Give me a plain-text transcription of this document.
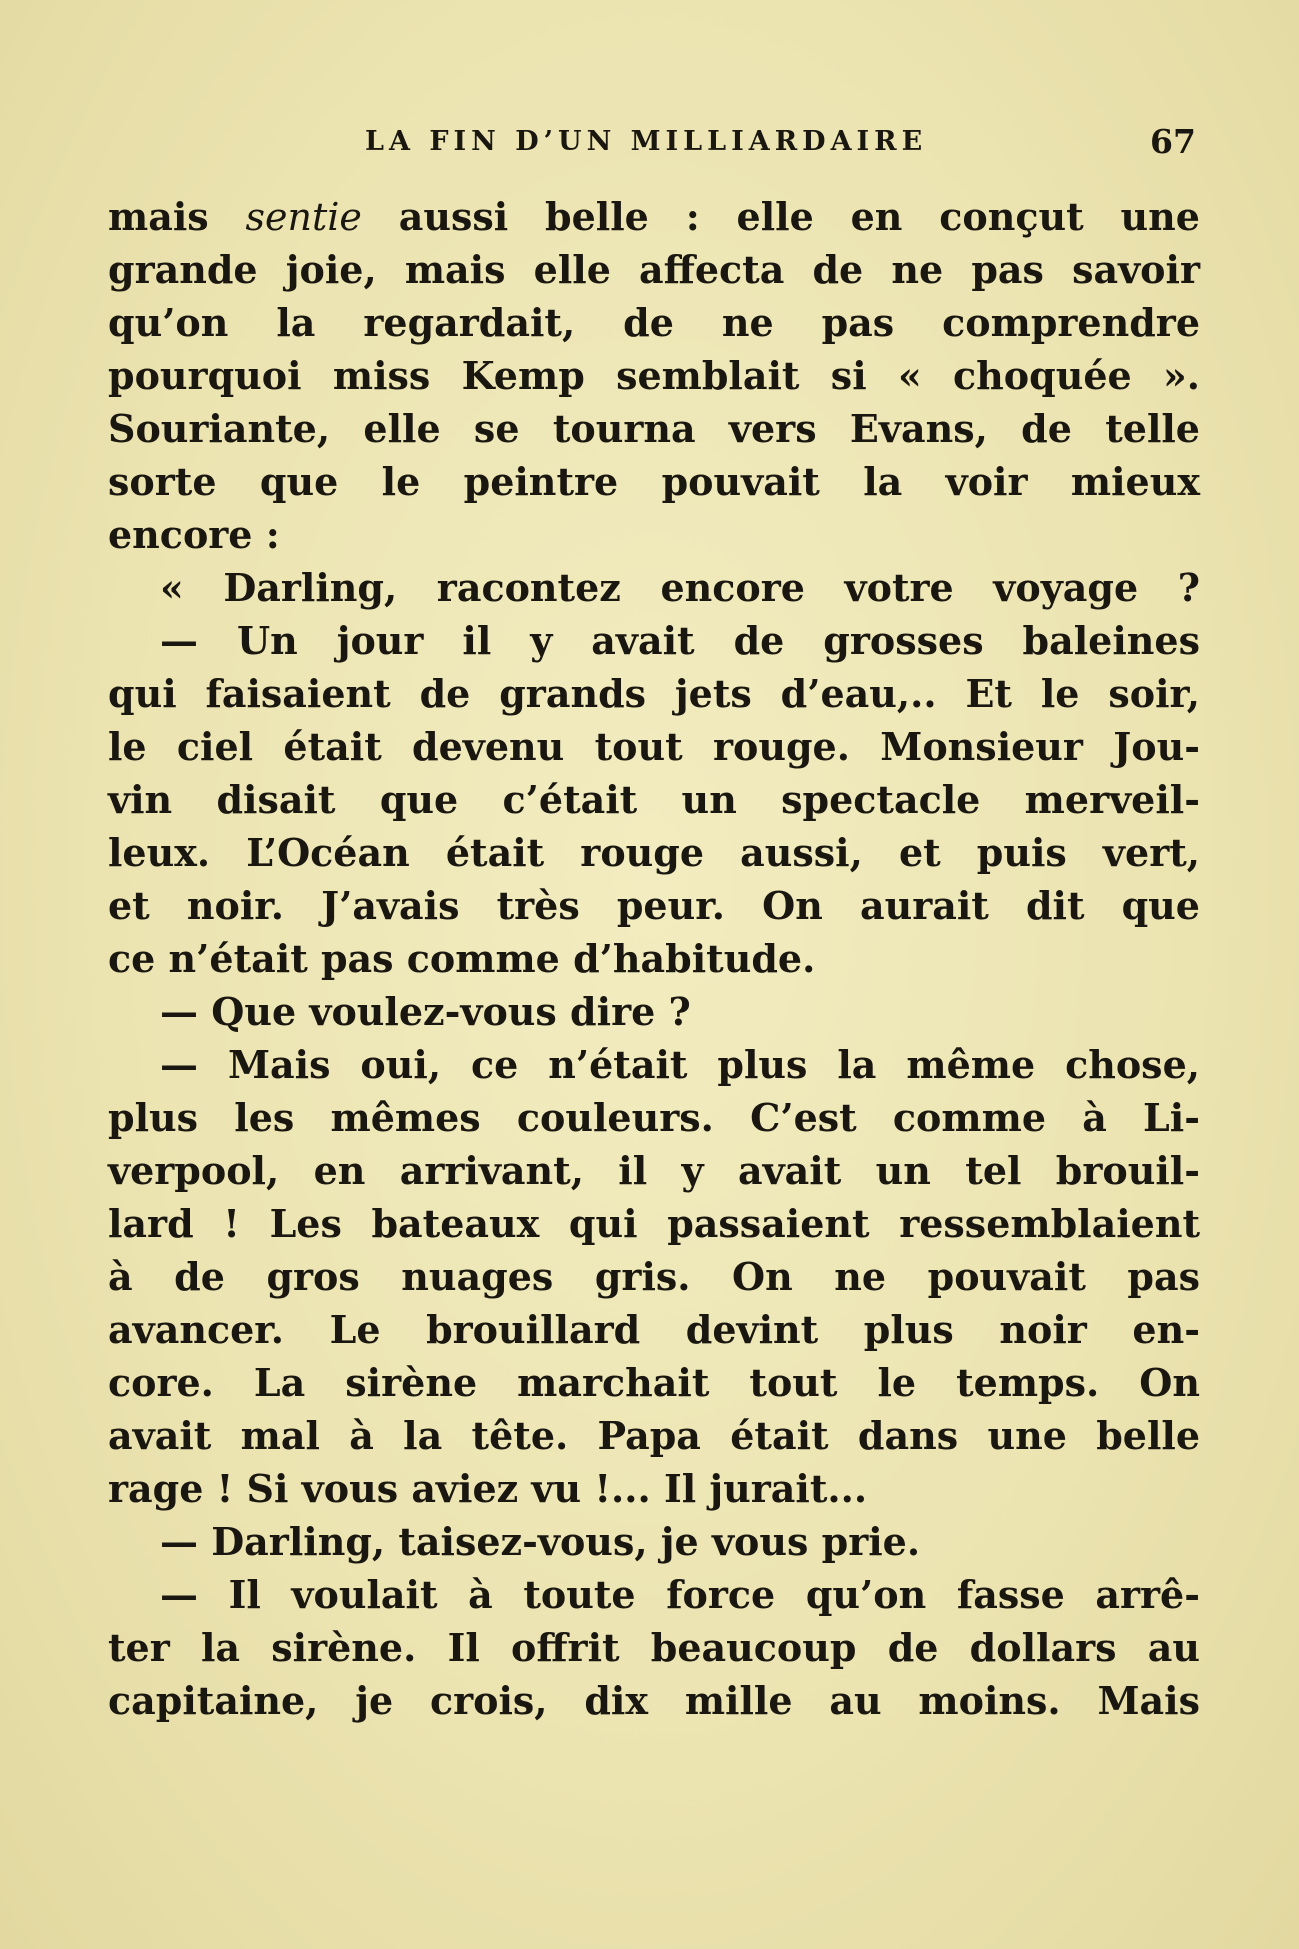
LA FIN D’UN MILLIARDAIRE	67
mais sentie aussi belle : elle en conçut une
grande joie, mais elle affecta de ne pas savoir
qu’on la regardait, de ne pas comprendre
pourquoi miss Kemp semblait si « choquée ».
Souriante, elle se tourna vers Evans, de telle
sorte que le peintre pouvait la voir mieux
encore :
« Darling, racontez encore votre voyage ?
— Un jour il y avait de grosses baleines
qui faisaient de grands jets d’eau,.. Et le soir,
le ciel était devenu tout rouge. Monsieur Jou-
vin disait que c’était un spectacle merveil-
leux. L’Océan était rouge aussi, et puis vert,
et noir. J’avais très peur. On aurait dit que
ce n’était pas comme d’habitude.
— Que voulez-vous dire ?
— Mais oui, ce n’était plus la même chose,
plus les mêmes couleurs. C’est comme à Li-
verpool, en arrivant, il y avait un tel brouil-
lard ! Les bateaux qui passaient ressemblaient
à de gros nuages gris. On ne pouvait pas
avancer. Le brouillard devint plus noir en-
core. La sirène marchait tout le temps. On
avait mal à la tête. Papa était dans une belle
rage ! Si vous aviez vu !... Il jurait...
— Darling, taisez-vous, je vous prie.
— Il voulait à toute force qu’on fasse arrê-
ter la sirène. Il offrit beaucoup de dollars au
capitaine, je crois, dix mille au moins. Mais
